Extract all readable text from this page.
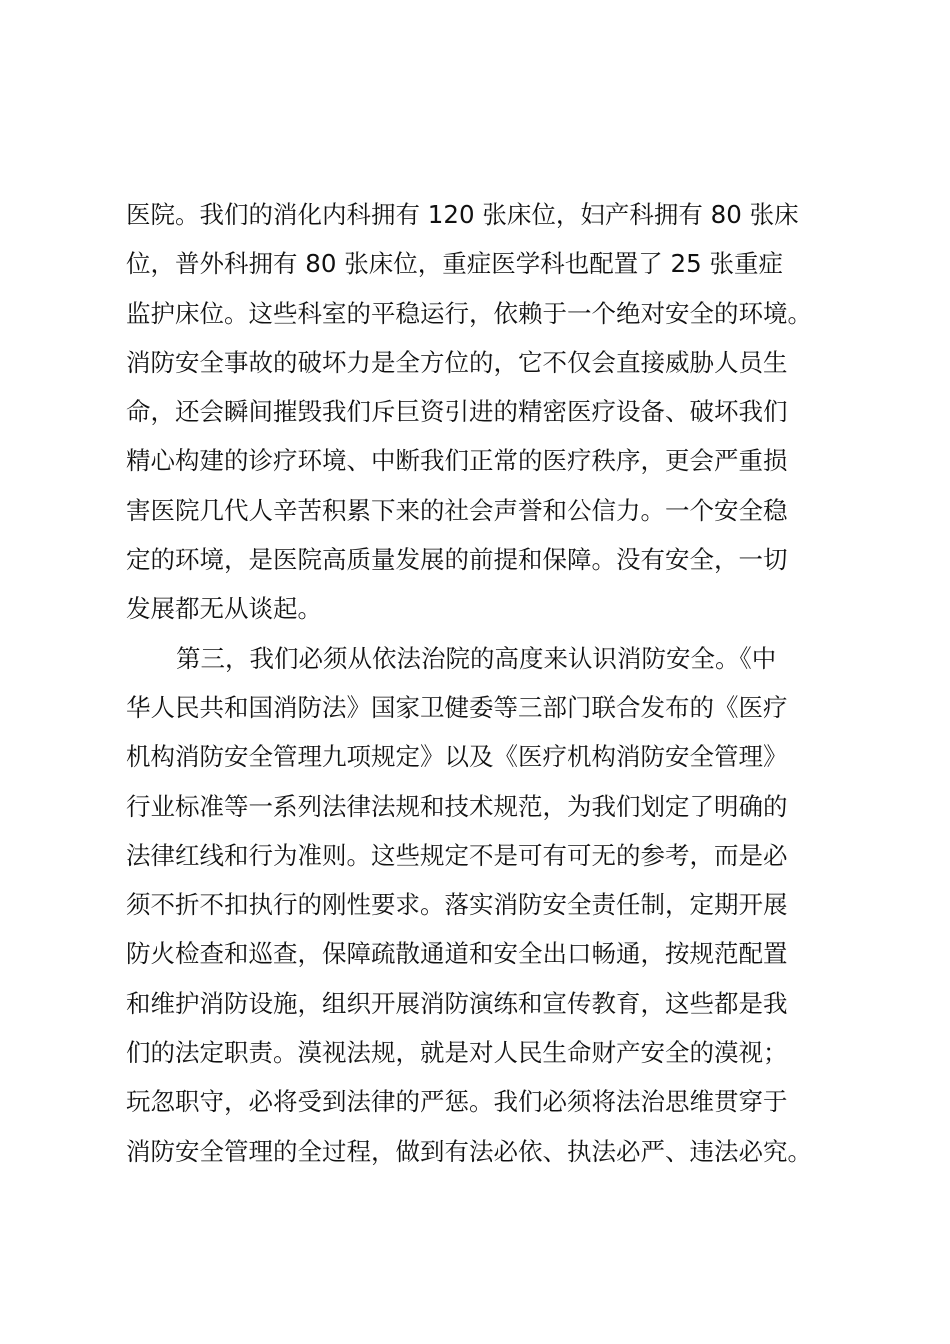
医院。我们的消化内科拥有 120 张床位，妇产科拥有 80 张床
位，普外科拥有 80 张床位，重症医学科也配置了 25 张重症
监护床位。这些科室的平稳运行，依赖于一个绝对安全的环境。
消防安全事故的破坏力是全方位的，它不仅会直接威胁人员生
命，还会瞬间摧毁我们斥巨资引进的精密医疗设备、破坏我们
精心构建的诊疗环境、中断我们正常的医疗秩序，更会严重损
害医院几代人辛苦积累下来的社会声誉和公信力。一个安全稳
定的环境，是医院高质量发展的前提和保障。没有安全，一切
发展都无从谈起。
第三，我们必须从依法治院的高度来认识消防安全。《中
华人民共和国消防法》国家卫健委等三部门联合发布的《医疗
机构消防安全管理九项规定》以及《医疗机构消防安全管理》
行业标准等一系列法律法规和技术规范，为我们划定了明确的
法律红线和行为准则。这些规定不是可有可无的参考，而是必
须不折不扣执行的刚性要求。落实消防安全责任制，定期开展
防火检查和巡查，保障疏散通道和安全出口畅通，按规范配置
和维护消防设施，组织开展消防演练和宣传教育，这些都是我
们的法定职责。漠视法规，就是对人民生命财产安全的漠视；
玩忽职守，必将受到法律的严惩。我们必须将法治思维贯穿于
消防安全管理的全过程，做到有法必依、执法必严、违法必究。
